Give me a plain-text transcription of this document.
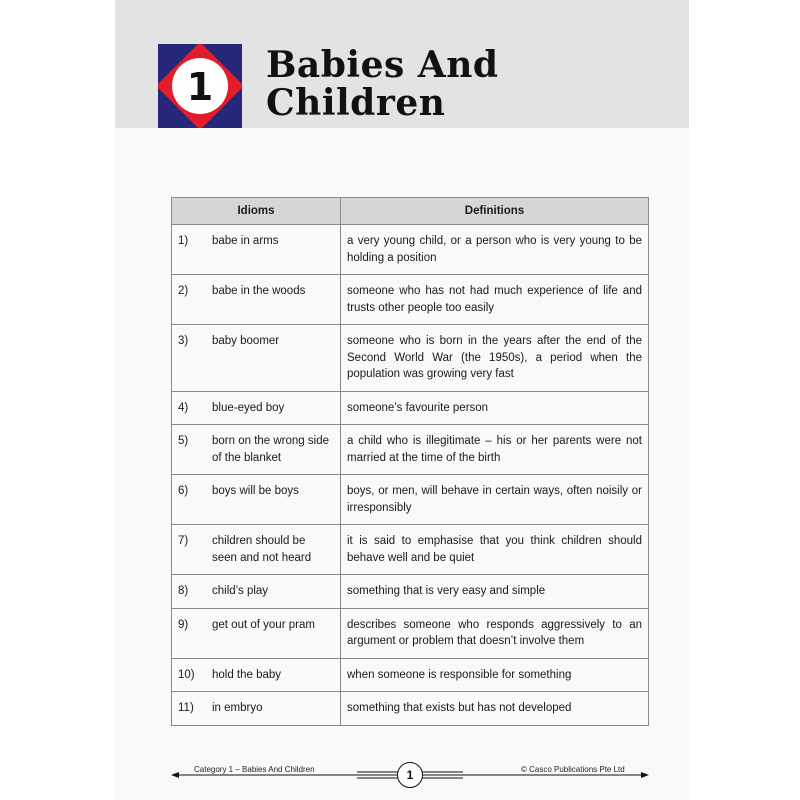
1	Babies And
Children
Idioms	Definitions
1) babe in arms	a very young child, or a person who is very young to be holding a position
2) babe in the woods	someone who has not had much experience of life and trusts other people too easily
3) baby boomer	someone who is born in the years after the end of the Second World War (the 1950s), a period when the population was growing very fast
4) blue-eyed boy	someone’s favourite person
5) born on the wrong side of the blanket	a child who is illegitimate – his or her parents were not married at the time of the birth
6) boys will be boys	boys, or men, will behave in certain ways, often noisily or irresponsibly
7) children should be seen and not heard	it is said to emphasise that you think children should behave well and be quiet
8) child’s play	something that is very easy and simple
9) get out of your pram	describes someone who responds aggressively to an argument or problem that doesn’t involve them
10) hold the baby	when someone is responsible for something
11) in embryo	something that exists but has not developed
Category 1 – Babies And Children	1	© Casco Publications Pte Ltd
